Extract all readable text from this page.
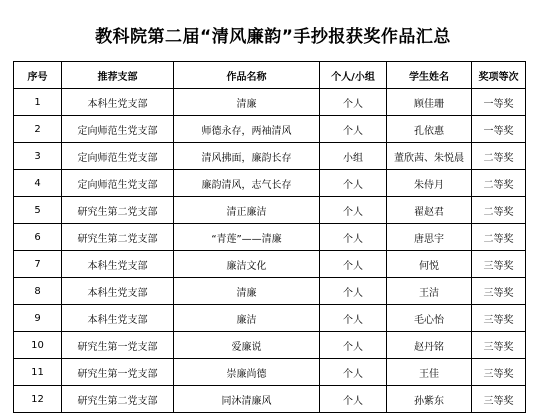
教科院第二届“清风廉韵”手抄报获奖作品汇总
序号	推荐支部	作品名称	个人/小组	学生姓名	奖项等次
1	本科生党支部	清廉	个人	顾佳珊	一等奖
2	定向师范生党支部	师德永存，两袖清风	个人	孔依惠	一等奖
3	定向师范生党支部	清风拂面，廉韵长存	小组	董欣茜、朱悦晨	二等奖
4	定向师范生党支部	廉韵清风，志气长存	个人	朱侍月	二等奖
5	研究生第二党支部	清正廉洁	个人	翟赵君	二等奖
6	研究生第二党支部	“青莲”——清廉	个人	唐思宇	二等奖
7	本科生党支部	廉洁文化	个人	何悦	三等奖
8	本科生党支部	清廉	个人	王洁	三等奖
9	本科生党支部	廉洁	个人	毛心怡	三等奖
10	研究生第一党支部	爱廉说	个人	赵丹铭	三等奖
11	研究生第一党支部	崇廉尚德	个人	王佳	三等奖
12	研究生第二党支部	同沐清廉风	个人	孙紫东	三等奖
